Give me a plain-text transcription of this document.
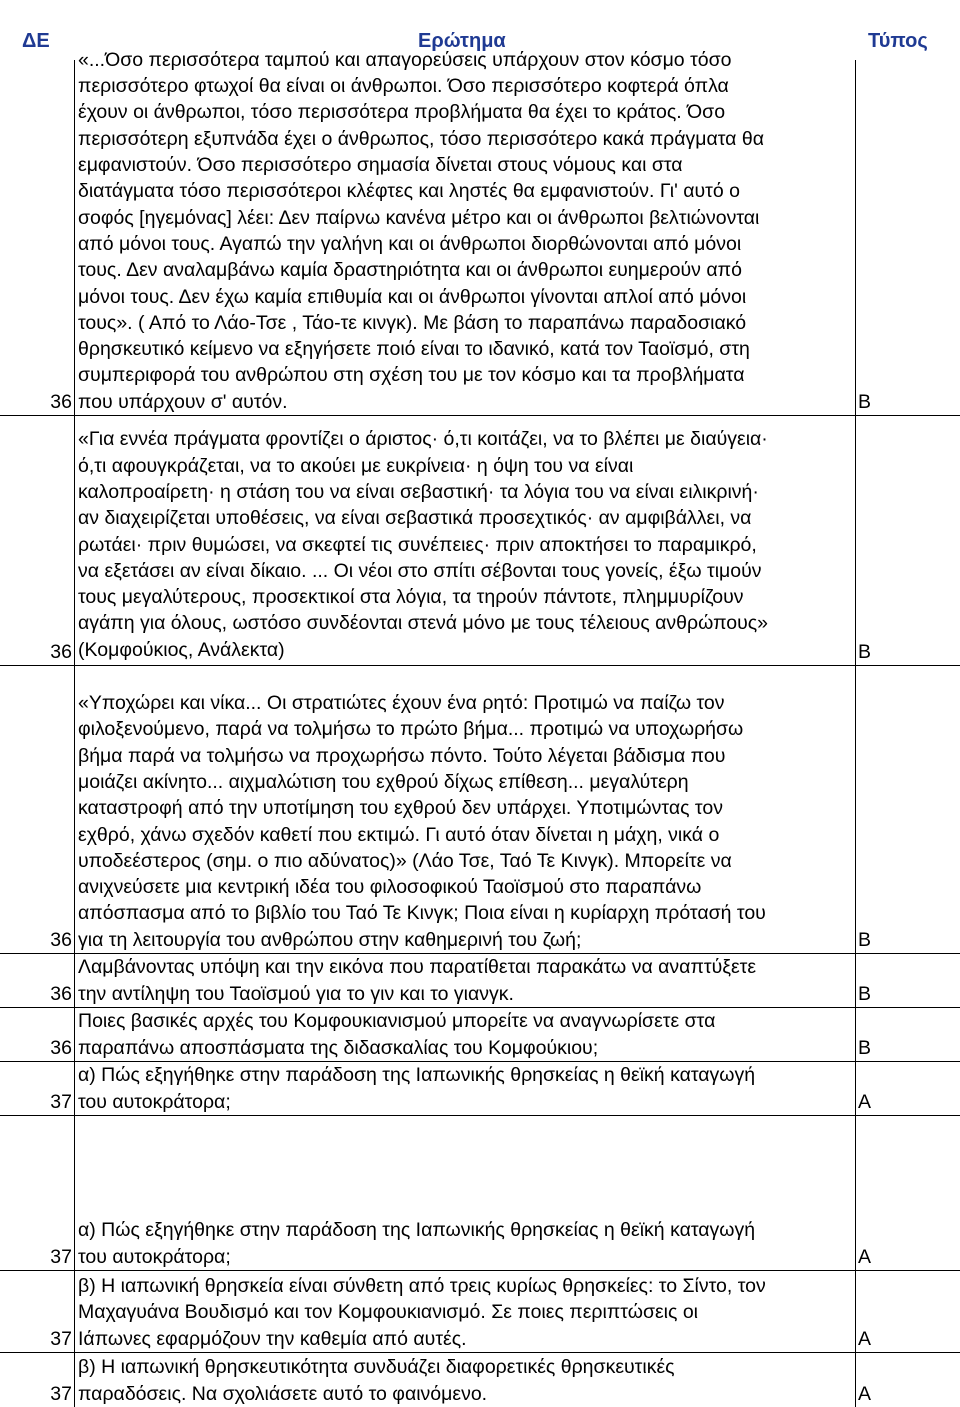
ΔΕ	Ερώτημα	Τύπος
36
«...Όσο περισσότερα ταμπού και απαγορεύσεις υπάρχουν στον κόσμο τόσο
περισσότερο φτωχοί θα είναι οι άνθρωποι. Όσο περισσότερο κοφτερά όπλα
έχουν οι άνθρωποι, τόσο περισσότερα προβλήματα θα έχει το κράτος. Όσο
περισσότερη εξυπνάδα έχει ο άνθρωπος, τόσο περισσότερο κακά πράγματα θα
εμφανιστούν. Όσο περισσότερο σημασία δίνεται στους νόμους και στα
διατάγματα τόσο περισσότεροι κλέφτες και ληστές θα εμφανιστούν. Γι' αυτό ο
σοφός [ηγεμόνας] λέει: Δεν παίρνω κανένα μέτρο και οι άνθρωποι βελτιώνονται
από μόνοι τους. Αγαπώ την γαλήνη και οι άνθρωποι διορθώνονται από μόνοι
τους. Δεν αναλαμβάνω καμία δραστηριότητα και οι άνθρωποι ευημερούν από
μόνοι τους. Δεν έχω καμία επιθυμία και οι άνθρωποι γίνονται απλοί από μόνοι
τους». ( Από το Λάο-Τσε , Τάο-τε κινγκ). Με βάση το παραπάνω παραδοσιακό
θρησκευτικό κείμενο να εξηγήσετε ποιό είναι το ιδανικό, κατά τον Ταοϊσμό, στη
συμπεριφορά του ανθρώπου στη σχέση του με τον κόσμο και τα προβλήματα
που υπάρχουν σ' αυτόν.	Β
36
«Για εννέα πράγματα φροντίζει ο άριστος· ό,τι κοιτάζει, να το βλέπει με διαύγεια·
ό,τι αφουγκράζεται, να το ακούει με ευκρίνεια· η όψη του να είναι
καλοπροαίρετη· η στάση του να είναι σεβαστική· τα λόγια του να είναι ειλικρινή·
αν διαχειρίζεται υποθέσεις, να είναι σεβαστικά προσεχτικός· αν αμφιβάλλει, να
ρωτάει· πριν θυμώσει, να σκεφτεί τις συνέπειες· πριν αποκτήσει το παραμικρό,
να εξετάσει αν είναι δίκαιο. ... Οι νέοι στο σπίτι σέβονται τους γονείς, έξω τιμούν
τους μεγαλύτερους, προσεκτικοί στα λόγια, τα τηρούν πάντοτε, πλημμυρίζουν
αγάπη για όλους, ωστόσο συνδέονται στενά μόνο με τους τέλειους ανθρώπους»
(Κομφούκιος, Ανάλεκτα)	Β
36
«Υποχώρει και νίκα... Οι στρατιώτες έχουν ένα ρητό: Προτιμώ να παίζω τον
φιλοξενούμενο, παρά να τολμήσω το πρώτο βήμα... προτιμώ να υποχωρήσω
βήμα παρά να τολμήσω να προχωρήσω πόντο. Τούτο λέγεται βάδισμα που
μοιάζει ακίνητο... αιχμαλώτιση του εχθρού δίχως επίθεση... μεγαλύτερη
καταστροφή από την υποτίμηση του εχθρού δεν υπάρχει. Υποτιμώντας τον
εχθρό, χάνω σχεδόν καθετί που εκτιμώ. Γι αυτό όταν δίνεται η μάχη, νικά ο
υποδεέστερος (σημ. ο πιο αδύνατος)» (Λάο Τσε, Ταό Τε Κινγκ). Μπορείτε να
ανιχνεύσετε μια κεντρική ιδέα του φιλοσοφικού Ταοϊσμού στο παραπάνω
απόσπασμα από το βιβλίο του Ταό Τε Κινγκ; Ποια είναι η κυρίαρχη πρότασή του
για τη λειτουργία του ανθρώπου στην καθημερινή του ζωή;	Β
36
Λαμβάνοντας υπόψη και την εικόνα που παρατίθεται παρακάτω να αναπτύξετε
την αντίληψη του Ταοϊσμού για το γιν και το γιανγκ.	Β
36
Ποιες βασικές αρχές του Κομφουκιανισμού μπορείτε να αναγνωρίσετε στα
παραπάνω αποσπάσματα της διδασκαλίας του Κομφούκιου;	Β
37
α) Πώς εξηγήθηκε στην παράδοση της Ιαπωνικής θρησκείας η θεϊκή καταγωγή
του αυτοκράτορα;	Α
37
α) Πώς εξηγήθηκε στην παράδοση της Ιαπωνικής θρησκείας η θεϊκή καταγωγή
του αυτοκράτορα;	Α
37
β) Η ιαπωνική θρησκεία είναι σύνθετη από τρεις κυρίως θρησκείες: το Σίντο, τον
Μαχαγυάνα Βουδισμό και τον Κομφουκιανισμό. Σε ποιες περιπτώσεις οι
Ιάπωνες εφαρμόζουν την καθεμία από αυτές.	Α
37
β) Η ιαπωνική θρησκευτικότητα συνδυάζει διαφορετικές θρησκευτικές
παραδόσεις. Να σχολιάσετε αυτό το φαινόμενο.	Α
